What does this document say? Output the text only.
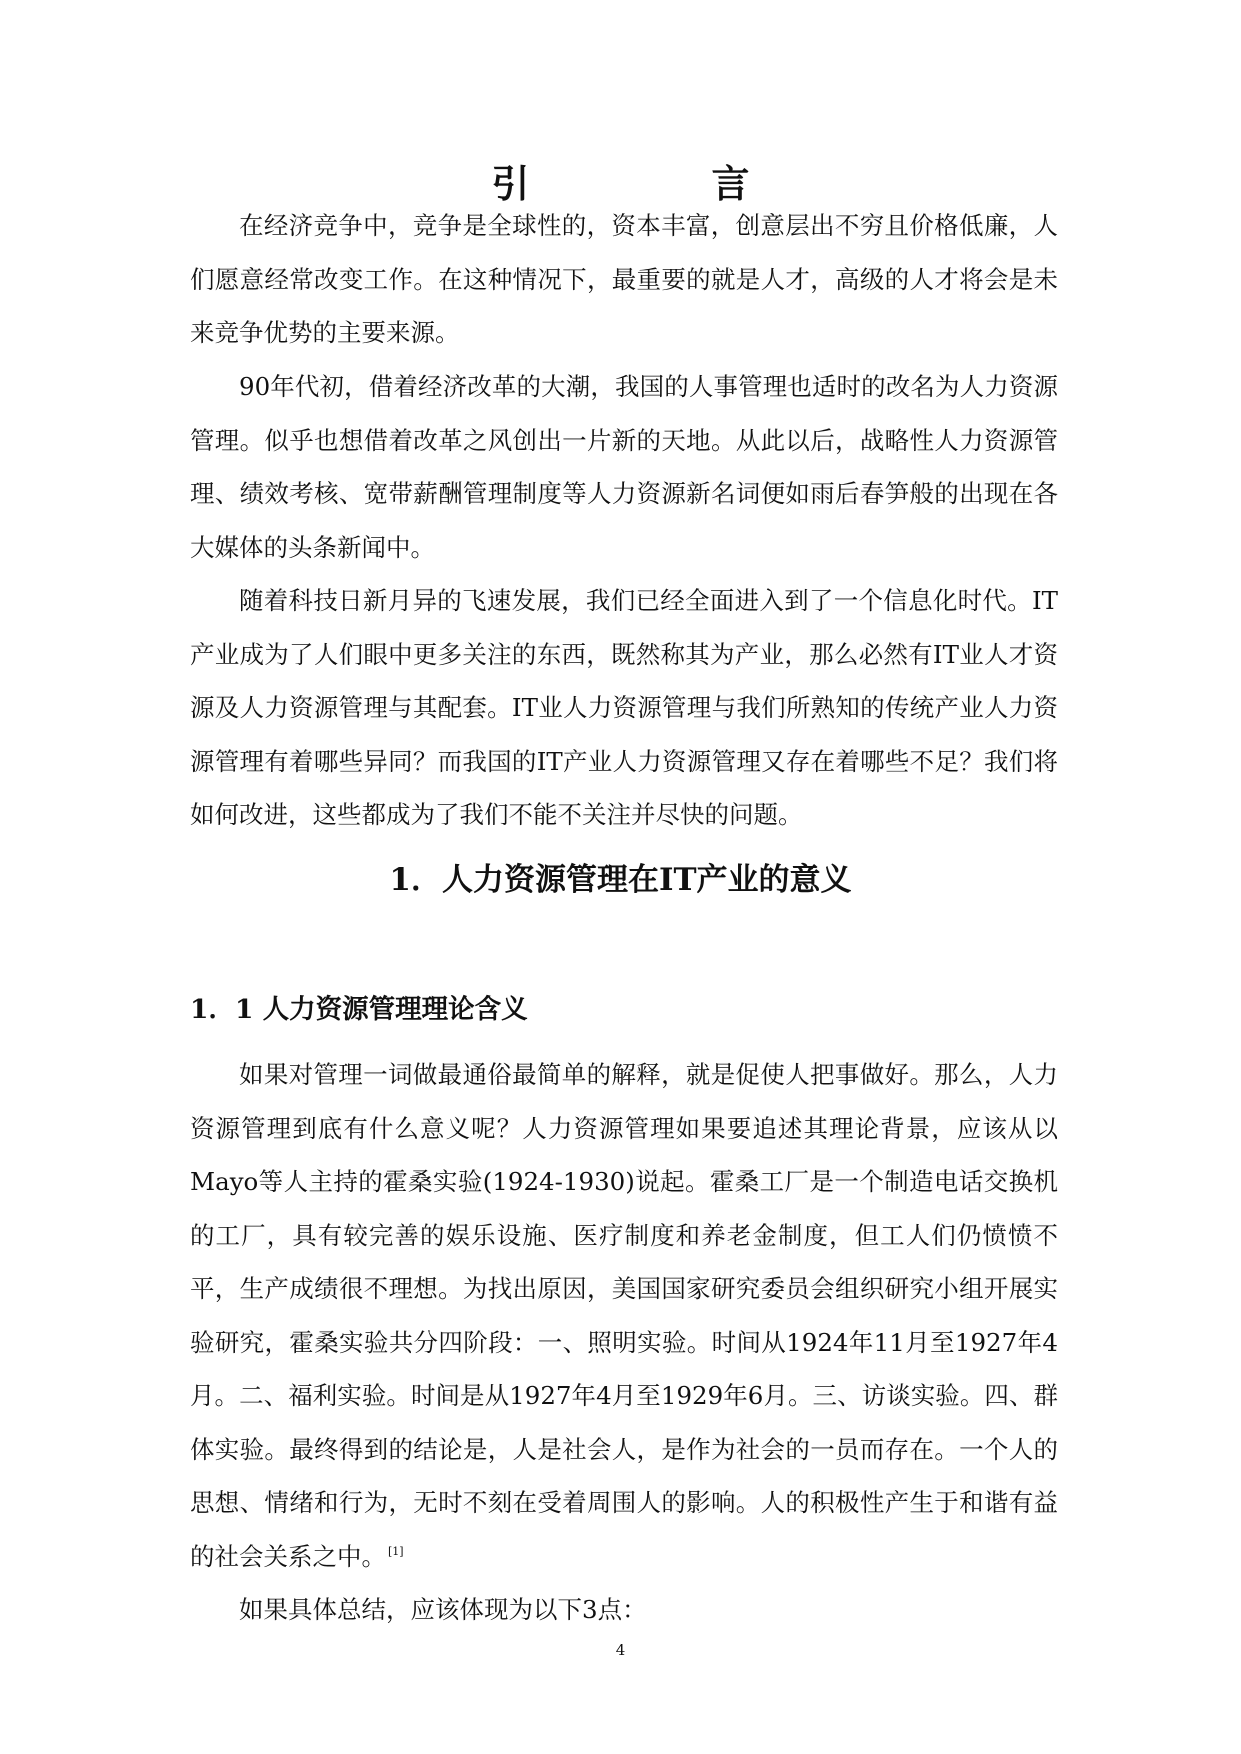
引　言

在经济竞争中，竞争是全球性的，资本丰富，创意层出不穷且价格低廉，人们愿意经常改变工作。在这种情况下，最重要的就是人才，高级的人才将会是未来竞争优势的主要来源。

90年代初，借着经济改革的大潮，我国的人事管理也适时的改名为人力资源管理。似乎也想借着改革之风创出一片新的天地。从此以后，战略性人力资源管理、绩效考核、宽带薪酬管理制度等人力资源新名词便如雨后春笋般的出现在各大媒体的头条新闻中。

随着科技日新月异的飞速发展，我们已经全面进入到了一个信息化时代。IT产业成为了人们眼中更多关注的东西，既然称其为产业，那么必然有IT业人才资源及人力资源管理与其配套。IT业人力资源管理与我们所熟知的传统产业人力资源管理有着哪些异同？而我国的IT产业人力资源管理又存在着哪些不足？我们将如何改进，这些都成为了我们不能不关注并尽快的问题。

1．人力资源管理在IT产业的意义
1．1 人力资源管理理论含义

如果对管理一词做最通俗最简单的解释，就是促使人把事做好。那么，人力资源管理到底有什么意义呢？人力资源管理如果要追述其理论背景，应该从以Mayo等人主持的霍桑实验(1924-1930)说起。霍桑工厂是一个制造电话交换机的工厂，具有较完善的娱乐设施、医疗制度和养老金制度，但工人们仍愤愤不平，生产成绩很不理想。为找出原因，美国国家研究委员会组织研究小组开展实验研究，霍桑实验共分四阶段：一、照明实验。时间从1924年11月至1927年4月。二、福利实验。时间是从1927年4月至1929年6月。三、访谈实验。四、群体实验。最终得到的结论是，人是社会人，是作为社会的一员而存在。一个人的思想、情绪和行为，无时不刻在受着周围人的影响。人的积极性产生于和谐有益的社会关系之中。 [1]

如果具体总结，应该体现为以下3点：

4
